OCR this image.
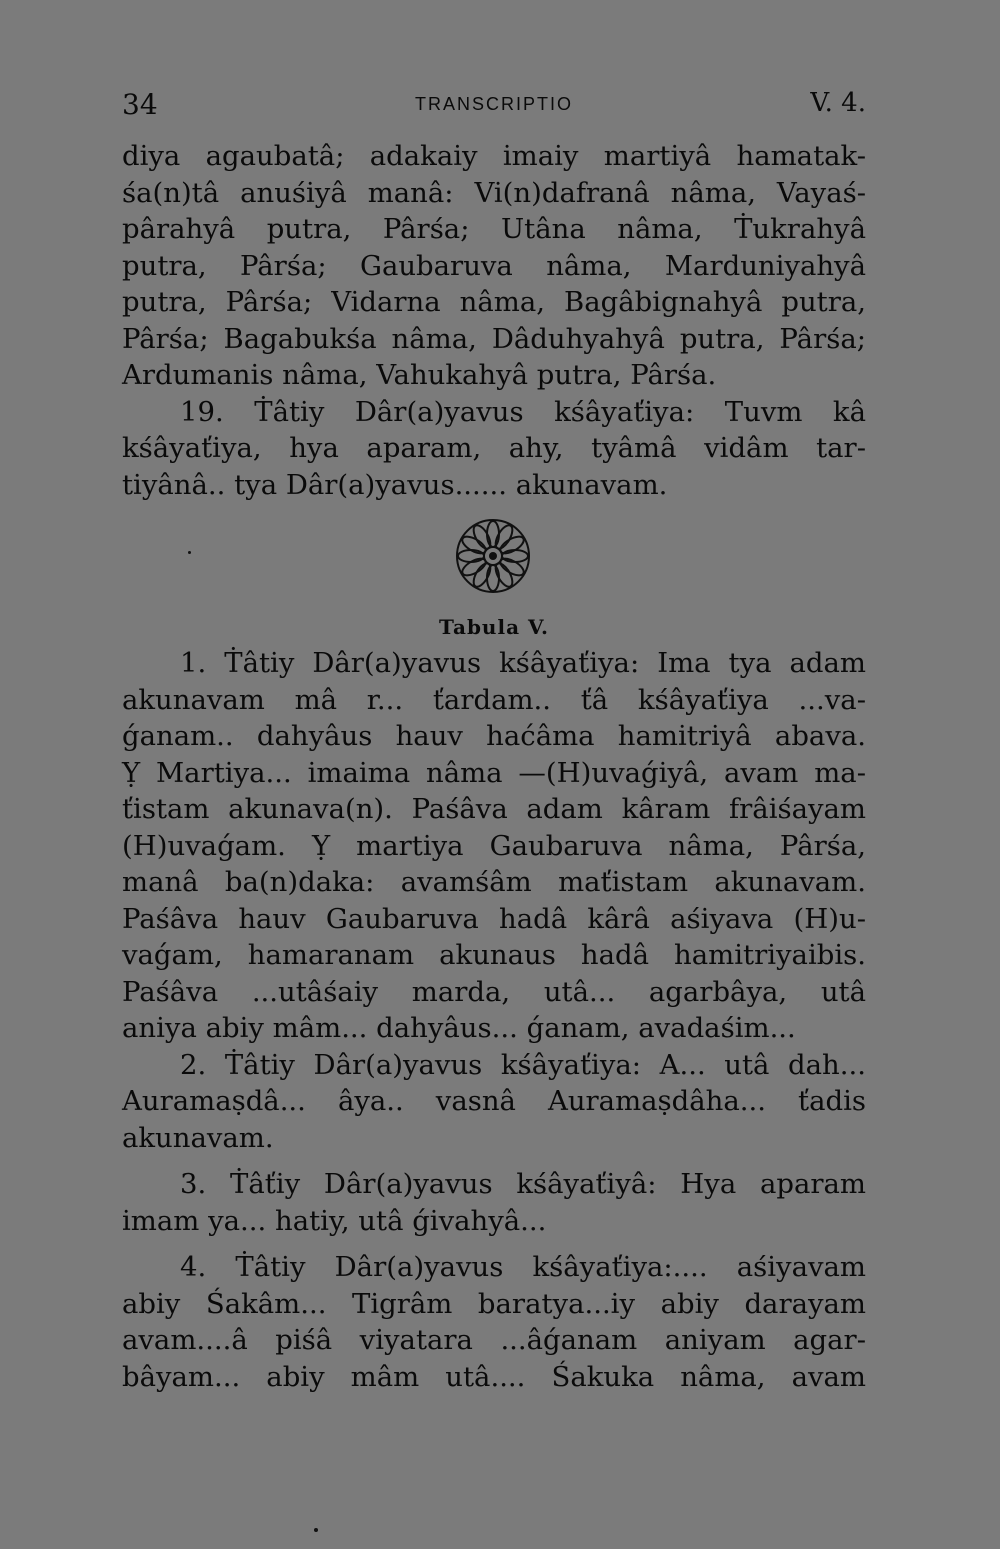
34	TRANSCRIPTIO	V. 4.
diya agaubatâ; adakaiy imaiy martiyâ hamatak-
śa(n)tâ anuśiyâ manâ: Vi(n)dafranâ nâma, Vayaś-
pârahyâ putra, Pârśa; Utâna nâma, Ṫukrahyâ
putra, Pârśa; Gaubaruva nâma, Marduniyahyâ
putra, Pârśa; Vidarna nâma, Bagâbignahyâ putra,
Pârśa; Bagabukśa nâma, Dâduhyahyâ putra, Pârśa;
Ardumanis nâma, Vahukahyâ putra, Pârśa.
19. Ṫâtiy Dâr(a)yavus kśâyaťiya: Tuvm kâ
kśâyaťiya, hya aparam, ahy, tyâmâ vidâm tar-
tiyânâ.. tya Dâr(a)yavus...... akunavam.
Tabula V.
1. Ṫâtiy Dâr(a)yavus kśâyaťiya: Ima tya adam
akunavam mâ r... ťardam.. ťâ kśâyaťiya ...va-
ǵanam.. dahyâus hauv haćâma hamitriyâ abava.
Ỵ Martiya... imaima nâma —(H)uvaǵiyâ, avam ma-
ťistam akunava(n). Paśâva adam kâram frâiśayam
(H)uvaǵam. Ỵ martiya Gaubaruva nâma, Pârśa,
manâ ba(n)daka: avamśâm maťistam akunavam.
Paśâva hauv Gaubaruva hadâ kârâ aśiyava (H)u-
vaǵam, hamaranam akunaus hadâ hamitriyaibis.
Paśâva ...utâśaiy marda, utâ... agarbâya, utâ
aniya abiy mâm... dahyâus... ǵanam, avadaśim...
2. Ṫâtiy Dâr(a)yavus kśâyaťiya: A... utâ dah...
Auramaṣdâ... âya.. vasnâ Auramaṣdâha... ťadis
akunavam.
3. Ṫâťiy Dâr(a)yavus kśâyaťiyâ: Hya aparam
imam ya... hatiy, utâ ǵivahyâ...
4. Ṫâtiy Dâr(a)yavus kśâyaťiya:.... aśiyavam
abiy Śakâm... Tigrâm baratya...iy abiy darayam
avam....â piśâ viyatara ...âǵanam aniyam agar-
bâyam... abiy mâm utâ.... Śakuka nâma, avam
